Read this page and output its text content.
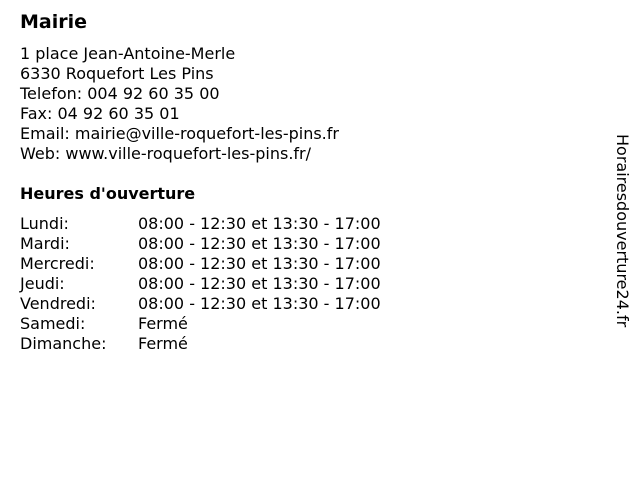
Mairie
1 place Jean-Antoine-Merle
6330 Roquefort Les Pins
Telefon: 004 92 60 35 00
Fax: 04 92 60 35 01
Email: mairie@ville-roquefort-les-pins.fr
Web: www.ville-roquefort-les-pins.fr/
Heures d'ouverture
Lundi:	08:00 - 12:30 et 13:30 - 17:00
Mardi:	08:00 - 12:30 et 13:30 - 17:00
Mercredi:	08:00 - 12:30 et 13:30 - 17:00
Jeudi:	08:00 - 12:30 et 13:30 - 17:00
Vendredi:	08:00 - 12:30 et 13:30 - 17:00
Samedi:	Fermé
Dimanche:	Fermé
Horairesdouverture24.fr
